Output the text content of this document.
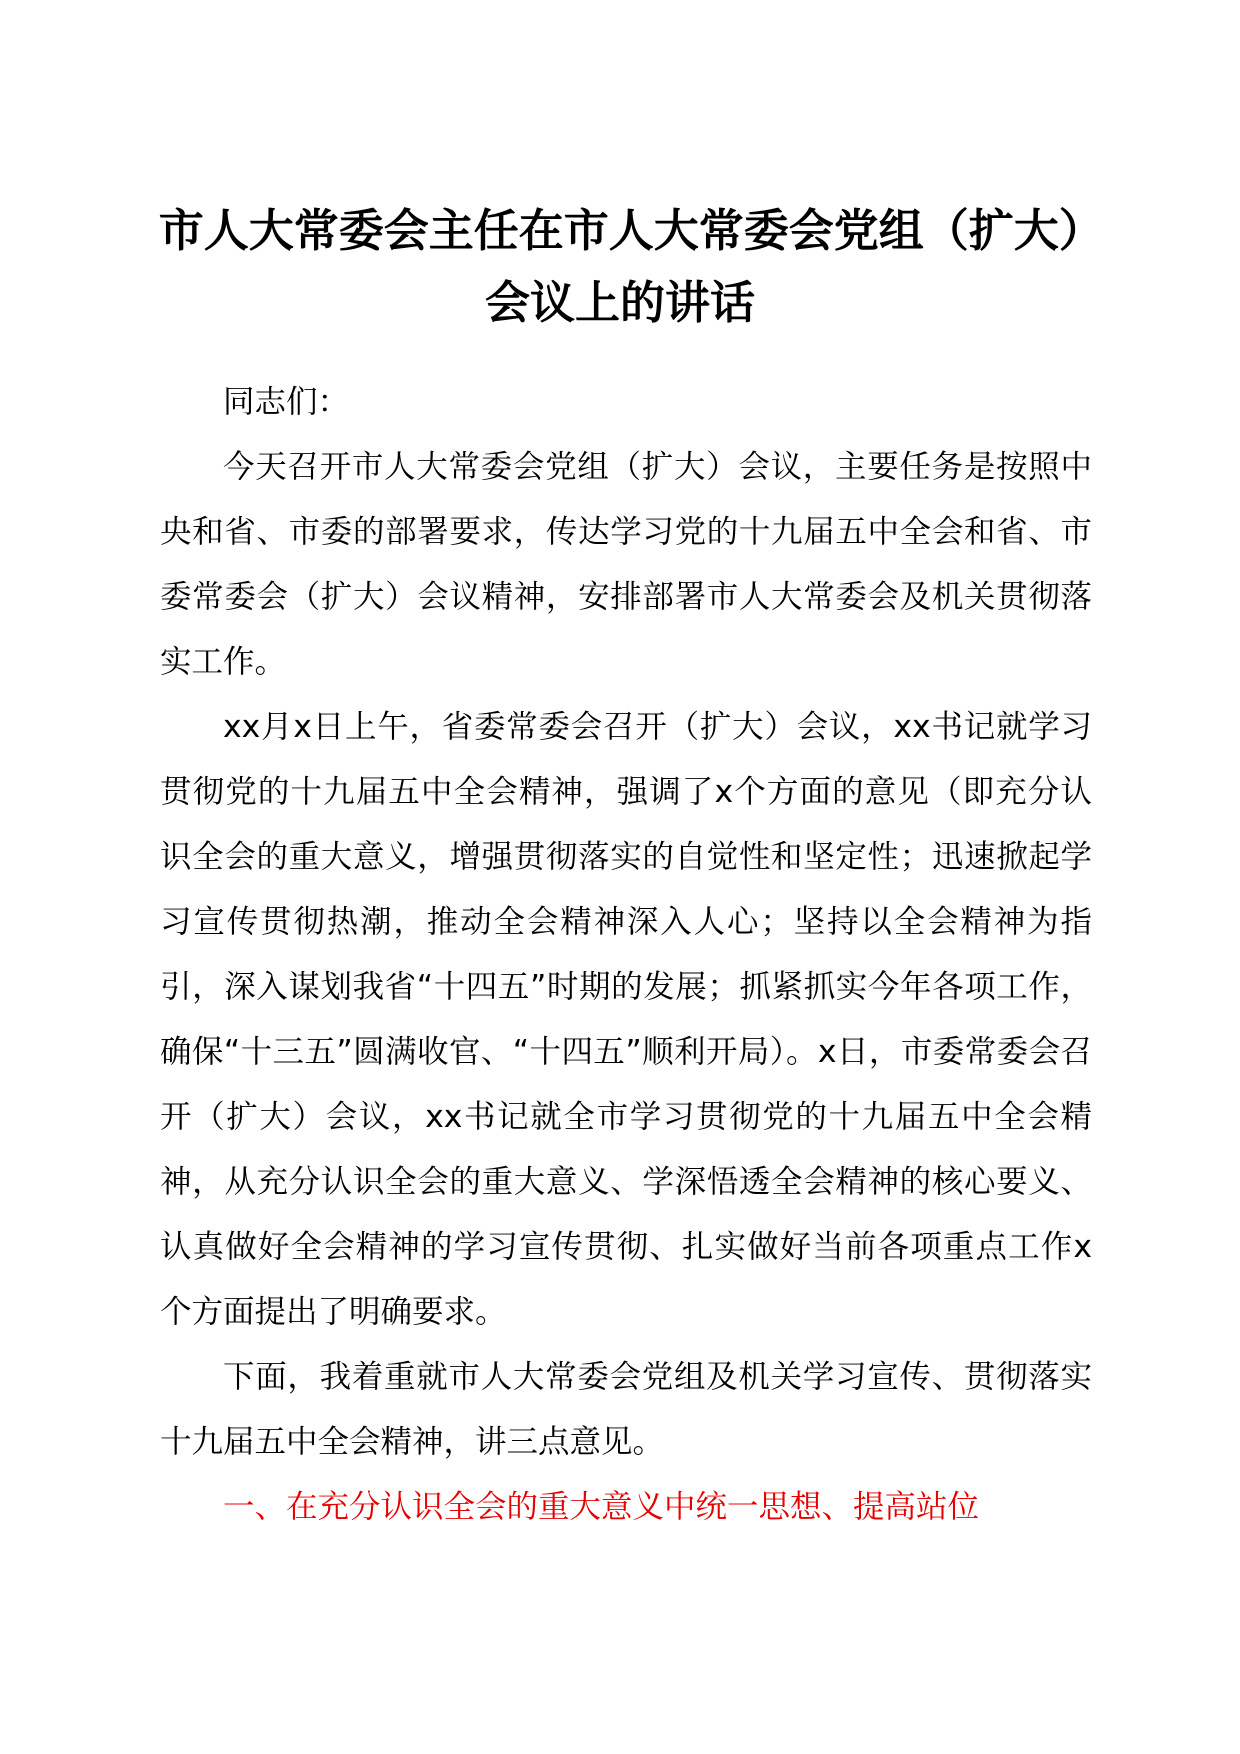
市人大常委会主任在市人大常委会党组（扩大）会议上的讲话

同志们：

今天召开市人大常委会党组（扩大）会议，主要任务是按照中央和省、市委的部署要求，传达学习党的十九届五中全会和省、市委常委会（扩大）会议精神，安排部署市人大常委会及机关贯彻落实工作。

xx月x日上午，省委常委会召开（扩大）会议，xx书记就学习贯彻党的十九届五中全会精神，强调了x个方面的意见（即充分认识全会的重大意义，增强贯彻落实的自觉性和坚定性；迅速掀起学习宣传贯彻热潮，推动全会精神深入人心；坚持以全会精神为指引，深入谋划我省“十四五”时期的发展；抓紧抓实今年各项工作，确保“十三五”圆满收官、“十四五”顺利开局）。x日，市委常委会召开（扩大）会议，xx书记就全市学习贯彻党的十九届五中全会精神，从充分认识全会的重大意义、学深悟透全会精神的核心要义、认真做好全会精神的学习宣传贯彻、扎实做好当前各项重点工作x个方面提出了明确要求。

下面，我着重就市人大常委会党组及机关学习宣传、贯彻落实十九届五中全会精神，讲三点意见。

一、在充分认识全会的重大意义中统一思想、提高站位
